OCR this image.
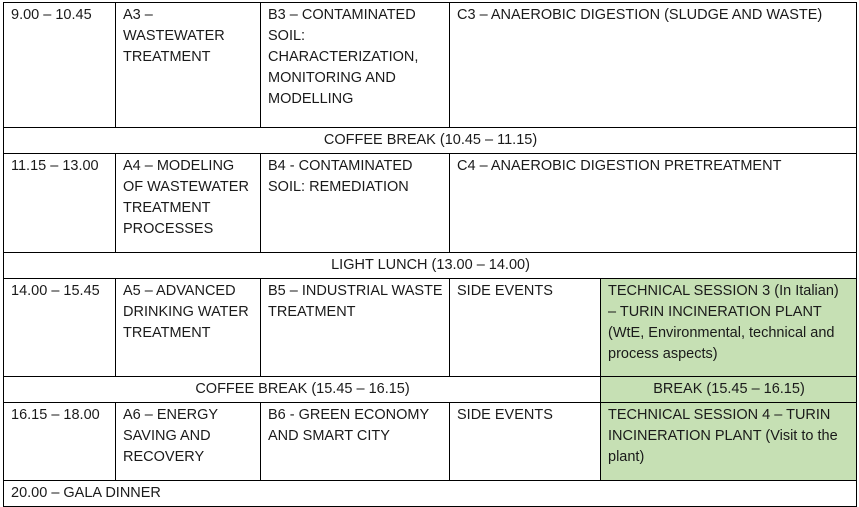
9.00 – 10.45	A3 – WASTEWATER TREATMENT	B3 – CONTAMINATED SOIL: CHARACTERIZATION, MONITORING AND MODELLING	C3 – ANAEROBIC DIGESTION (SLUDGE AND WASTE)	
COFFEE BREAK (10.45 – 11.15)				
11.15 – 13.00	A4 – MODELING OF WASTEWATER TREATMENT PROCESSES	B4 - CONTAMINATED SOIL: REMEDIATION	C4 – ANAEROBIC DIGESTION PRETREATMENT	
LIGHT LUNCH (13.00 – 14.00)				
14.00 – 15.45	A5 – ADVANCED DRINKING WATER TREATMENT	B5 – INDUSTRIAL WASTE TREATMENT	SIDE EVENTS	TECHNICAL SESSION 3 (In Italian) – TURIN INCINERATION PLANT (WtE, Environmental, technical and process aspects)
COFFEE BREAK (15.45 – 16.15)				BREAK (15.45 – 16.15)
16.15 – 18.00	A6 – ENERGY SAVING AND RECOVERY	B6 - GREEN ECONOMY AND SMART CITY	SIDE EVENTS	TECHNICAL SESSION 4 – TURIN INCINERATION PLANT (Visit to the plant)
20.00 – GALA DINNER				
